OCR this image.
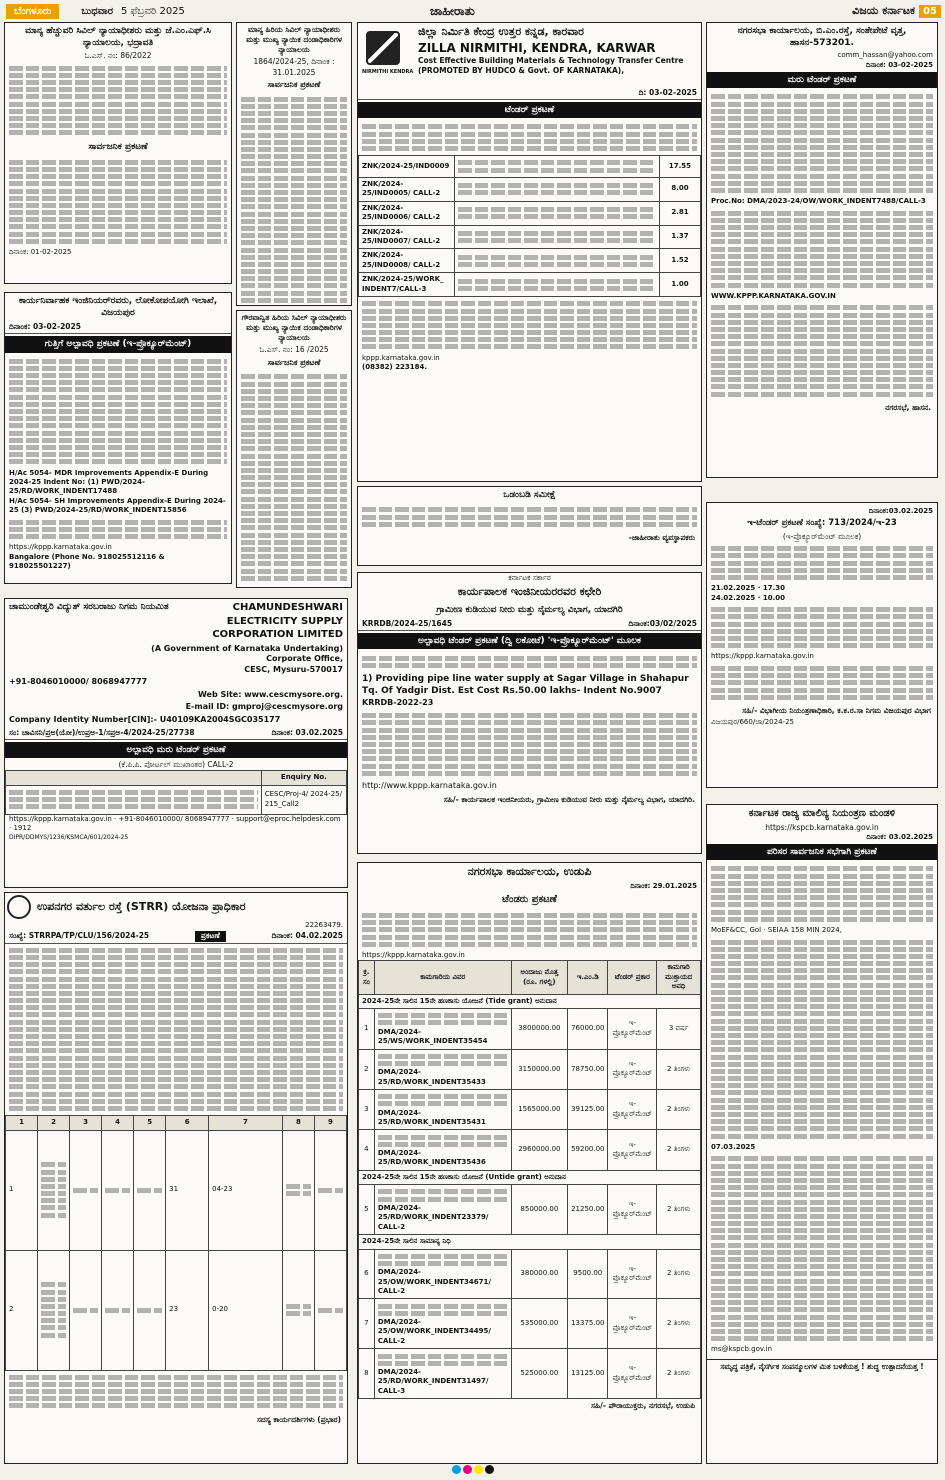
ಬೆಂಗಳೂರು	ಬುಧವಾರ 5 ಫೆಬ್ರವರಿ 2025	ಜಾಹೀರಾತು	ವಿಜಯ ಕರ್ನಾಟಕ 05
ಮಾನ್ಯ ಹೆಚ್ಚುವರಿ ಸಿವಿಲ್ ನ್ಯಾಯಾಧೀಶರು ಮತ್ತು ಜೆ.ಎಂ.ಎಫ್.ಸಿ ನ್ಯಾಯಾಲಯ, ಭದ್ರಾವತಿ
ಓ.ಎಸ್. ನಂ: 86/2022
ಸಾರ್ವಜನಿಕ ಪ್ರಕಟಣೆ
ದಿನಾಂಕ: 01-02-2025
ಮಾನ್ಯ ಹಿರಿಯ ಸಿವಿಲ್ ನ್ಯಾಯಾಧೀಶರು ಮತ್ತು ಮುಖ್ಯ ನ್ಯಾಯಿಕ ದಂಡಾಧಿಕಾರಿಗಳ ನ್ಯಾಯಾಲಯ
1864/2024-25, ದಿನಾಂಕ : 31.01.2025
ಸಾರ್ವಜನಿಕ ಪ್ರಕಟಣೆ
ಗೌರವಾನ್ವಿತ ಹಿರಿಯ ಸಿವಿಲ್ ನ್ಯಾಯಾಧೀಶರು ಮತ್ತು ಮುಖ್ಯ ನ್ಯಾಯಿಕ ದಂಡಾಧಿಕಾರಿಗಳ ನ್ಯಾಯಾಲಯ
ಓ.ಎಸ್. ನಂ: 16 /2025
ಸಾರ್ವಜನಿಕ ಪ್ರಕಟಣೆ
ಕಾರ್ಯನಿರ್ವಾಹಕ ಇಂಜಿನಿಯರ್‌ರವರು, ಲೋಕೋಪಯೋಗಿ ಇಲಾಖೆ, ವಿಜಯಪುರ
ದಿನಾಂಕ: 03-02-2025
ಗುತ್ತಿಗೆ ಅಲ್ಪಾವಧಿ ಪ್ರಕಟಣೆ (ಇ-ಪ್ರೊಕ್ಯೂರ್‌ಮೆಂಟ್)
H/Ac 5054- MDR Improvements Appendix-E During 2024-25 Indent No: (1) PWD/2024-25/RD/WORK_INDENT17488
H/Ac 5054- SH Improvements Appendix-E During 2024-25 (3) PWD/2024-25/RD/WORK_INDENT15856
https://kppp.karnataka.gov.in
Bangalore (Phone No. 918025512116 & 918025501227)
NIRMITHI KENDRA
ಜಿಲ್ಲಾ ನಿರ್ಮಿತಿ ಕೇಂದ್ರ ಉತ್ತರ ಕನ್ನಡ, ಕಾರವಾರ
ZILLA NIRMITHI, KENDRA, KARWAR
Cost Effective Building Materials & Technology Transfer Centre
(PROMOTED BY HUDCO & Govt. OF KARNATAKA),
ದಿ: 03-02-2025
ಟೆಂಡರ್ ಪ್ರಕಟಣೆ
ZNK/2024-25/IND0009		17.55
ZNK/2024-25/IND0005/ CALL-2		8.00
ZNK/2024-25/IND0006/ CALL-2		2.81
ZNK/2024-25/IND0007/ CALL-2		1.37
ZNK/2024-25/IND0008/ CALL-2		1.52
ZNK/2024-25/WORK_ INDENT7/CALL-3		1.00
kppp.karnataka.gov.in
(08382) 223184.
ನಗರಸಭಾ ಕಾರ್ಯಾಲಯ, ಬಿ.ಎಂ.ರಸ್ತೆ, ಸಂತೇಪೇಟೆ ವೃತ್ತ, ಹಾಸನ-573201.
comm_hassan@yahoo.com
ದಿನಾಂಕ: 03-02-2025
ಮರು ಟೆಂಡರ್ ಪ್ರಕಟಣೆ
Proc.No: DMA/2023-24/OW/WORK_INDENT7488/CALL-3
WWW.KPPP.KARNATAKA.GOV.IN
ನಗರಸಭೆ, ಹಾಸನ.
ಒಡಂಬಡಿ ಸಮೀಕ್ಷೆ
-ಜಾಹೀರಾತು ವ್ಯವಸ್ಥಾಪಕರು
ದಿನಾಂಕ:03.02.2025
ಇ-ಟೆಂಡರ್ ಪ್ರಕಟಣೆ ಸಂಖ್ಯೆ: 713/2024/ಇ-23
(ಇ-ಪ್ರೊಕ್ಯೂರ್‌ಮೆಂಟ್ ಮೂಲಕ)
21.02.2025 · 17.30
24.02.2025 · 10.00
https://kppp.karnataka.gov.in
ಸಹಿ/- ವಿಭಾಗೀಯ ನಿಯಂತ್ರಣಾಧಿಕಾರಿ, ಕ.ಕ.ರ.ಸಾ ನಿಗಮ ವಿಜಯಪುರ ವಿಭಾಗ
ವಿಜಯಪುರ/660/ಜಾ/2024-25
ಚಾಮುಂಡೇಶ್ವರಿ ವಿದ್ಯುತ್ ಸರಬರಾಜು ನಿಗಮ ನಿಯಮಿತ	CHAMUNDESHWARI ELECTRICITY SUPPLY CORPORATION LIMITED
(A Government of Karnataka Undertaking)
Corporate Office,
CESC, Mysuru-570017
+91-8046010000/ 8068947777
Web Site: www.cescmysore.org.
E-mail ID: gmproj@cescmysore.org
Company Identity Number[CIN]:- U40109KA2004SGC035177
ಸಂ: ಚಾವಿಸನಿ/ಪ್ರಅ(ಯೋ)/ಉಪ್ರಅ-1/ಸಪ್ರಅ-4/2024-25/27738	ದಿನಾಂಕ: 03.02.2025
ಅಲ್ಪಾವಧಿ ಮರು ಟೆಂಡರ್ ಪ್ರಕಟಣೆ
(ಕೆ.ಪಿ.ಪಿ. ಪೋರ್ಟಲ್ ಮುಖಾಂತರ) CALL-2
	Enquiry No.

	CESC/Proj-4/ 2024-25/ 215_Call2
https://kppp.karnataka.gov.in · +91-8046010000/ 8068947777 · support@eproc.helpdesk.com · 1912
DIPR/DDMYS/1236/KSMCA/601/2024-25
ಕರ್ನಾಟಕ ಸರ್ಕಾರ
ಕಾರ್ಯಪಾಲಕ ಇಂಜಿನೀಯರರವರ ಕಛೇರಿ
ಗ್ರಾಮೀಣ ಕುಡಿಯುವ ನೀರು ಮತ್ತು ನೈರ್ಮಲ್ಯ ವಿಭಾಗ, ಯಾದಗಿರಿ
KRRDB/2024-25/1645	ದಿನಾಂಕ:03/02/2025
ಅಲ್ಪಾವಧಿ ಟೆಂಡರ್ ಪ್ರಕಟಣೆ (ದ್ವಿ ಲಕೋಟೆ) 'ಇ-ಪ್ರೊಕ್ಯೂರ್‌ಮೆಂಟ್' ಮೂಲಕ
1) Providing pipe line water supply at Sagar Village in Shahapur Tq. Of Yadgir Dist. Est Cost Rs.50.00 lakhs- Indent No.9007
KRRDB-2022-23
http://www.kppp.karnataka.gov.in
ಸಹಿ/- ಕಾರ್ಯಪಾಲಕ ಇಂಜಿನೀಯರು, ಗ್ರಾಮೀಣ ಕುಡಿಯುವ ನೀರು ಮತ್ತು ನೈರ್ಮಲ್ಯ ವಿಭಾಗ, ಯಾದಗಿರಿ.
ಉಪನಗರ ವರ್ತುಲ ರಸ್ತೆ (STRR) ಯೋಜನಾ ಪ್ರಾಧಿಕಾರ
22263479.
ಸಂಖ್ಯೆ: STRRPA/TP/CLU/156/2024-25	ಪ್ರಕಟಣೆ	ದಿನಾಂಕ: 04.02.2025
1	2	3	4	5	6	7	8	9
1					31	04-23	

2					23	0-20	

ಸದಸ್ಯ ಕಾರ್ಯದರ್ಶಿಗಳು (ಪ್ರಭಾರ)
ನಗರಸಭಾ ಕಾರ್ಯಾಲಯ, ಉಡುಪಿ
ದಿನಾಂಕ: 29.01.2025
ಟೆಂಡರು ಪ್ರಕಟಣೆ
https://kppp.karnataka.gov.in
ಕ್ರ. ಸಂ	ಕಾಮಗಾರಿಯ ವಿವರ	ಅಂದಾಜು ಮೊತ್ತ (ರೂ. ಗಳಲ್ಲಿ)	ಇ.ಎಂ.ಡಿ	ಟೆಂಡರ್ ಪ್ರಕಾರ	ಕಾಮಗಾರಿ ಮುಕ್ತಾಯದ ಅವಧಿ
2024-25ನೇ ಸಾಲಿನ 15ನೇ ಹಣಕಾಸು ಯೋಜನೆ (Tide grant) ಅನುದಾನ					
1	DMA/2024-25/WS/WORK_INDENT35454	3800000.00	76000.00	ಇ- ಪ್ರೊಕ್ಯೂರ್‌ಮೆಂಟ್	3 ವರ್ಷ
2	DMA/2024-25/RD/WORK_INDENT35433	3150000.00	78750.00	ಇ- ಪ್ರೊಕ್ಯೂರ್‌ಮೆಂಟ್	2 ತಿಂಗಳು
3	DMA/2024-25/RD/WORK_INDENT35431	1565000.00	39125.00	ಇ- ಪ್ರೊಕ್ಯೂರ್‌ಮೆಂಟ್	2 ತಿಂಗಳು
4	DMA/2024-25/RD/WORK_INDENT35436	2960000.00	59200.00	ಇ- ಪ್ರೊಕ್ಯೂರ್‌ಮೆಂಟ್	2 ತಿಂಗಳು
2024-25ನೇ ಸಾಲಿನ 15ನೇ ಹಣಕಾಸು ಯೋಜನೆ (Untide grant) ಅನುದಾನ					
5	DMA/2024-25/RD/WORK_INDENT23379/ CALL-2	850000.00	21250.00	ಇ- ಪ್ರೊಕ್ಯೂರ್‌ಮೆಂಟ್	2 ತಿಂಗಳು
2024-25ನೇ ಸಾಲಿನ ಸಾಮಾನ್ಯ ನಿಧಿ					
6	DMA/2024-25/OW/WORK_INDENT34671/ CALL-2	380000.00	9500.00	ಇ- ಪ್ರೊಕ್ಯೂರ್‌ಮೆಂಟ್	2 ತಿಂಗಳು
7	DMA/2024-25/OW/WORK_INDENT34495/ CALL-2	535000.00	13375.00	ಇ- ಪ್ರೊಕ್ಯೂರ್‌ಮೆಂಟ್	2 ತಿಂಗಳು
8	DMA/2024-25/RD/WORK_INDENT31497/ CALL-3	525000.00	13125.00	ಇ- ಪ್ರೊಕ್ಯೂರ್‌ಮೆಂಟ್	2 ತಿಂಗಳು
ಸಹಿ/- ಪೌರಾಯುಕ್ತರು, ನಗರಸಭೆ, ಉಡುಪಿ
ಕರ್ನಾಟಕ ರಾಜ್ಯ ಮಾಲಿನ್ಯ ನಿಯಂತ್ರಣ ಮಂಡಳಿ
https://kspcb.karnataka.gov.in
ದಿನಾಂಕ: 03.02.2025
ಪರಿಸರ ಸಾರ್ವಜನಿಕ ಸಭೆಗಾಗಿ ಪ್ರಕಟಣೆ
MoEF&CC, Gol · SEIAA 158 MIN 2024,
07.03.2025
ms@kspcb.gov.in
ಸಮೃದ್ಧ ಪತ್ರಿಕೆ, ನೈಸರ್ಗಿಕ ಸಂಪನ್ಮೂಲಗಳ ಮಿತ ಬಳಕೆಯತ್ತ ! ಶುದ್ಧ ಉತ್ಪಾದನೆಯತ್ತ !
